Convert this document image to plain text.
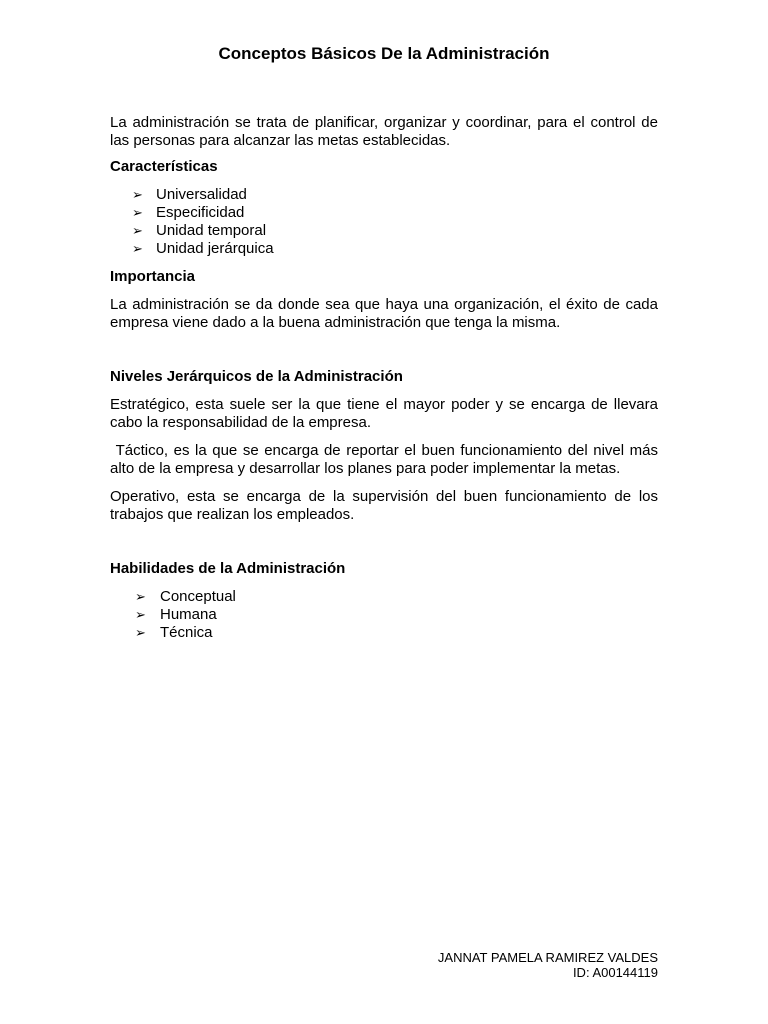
Conceptos Básicos De la Administración

La administración se trata de planificar, organizar y coordinar, para el control de las personas para alcanzar las metas establecidas.

Características
➢ Universalidad
➢ Especificidad
➢ Unidad temporal
➢ Unidad jerárquica
Importancia

La administración se da donde sea que haya una organización, el éxito de cada empresa viene dado a la buena administración que tenga la misma.

Niveles Jerárquicos de la Administración

Estratégico, esta suele ser la que tiene el mayor poder y se encarga de llevara cabo la responsabilidad de la empresa.

Táctico, es la que se encarga de reportar el buen funcionamiento del nivel más alto de la empresa y desarrollar los planes para poder implementar la metas.

Operativo, esta se encarga de la supervisión del buen funcionamiento de los trabajos que realizan los empleados.

Habilidades de la Administración
➢ Conceptual
➢ Humana
➢ Técnica
JANNAT PAMELA RAMIREZ VALDES
ID: A00144119
